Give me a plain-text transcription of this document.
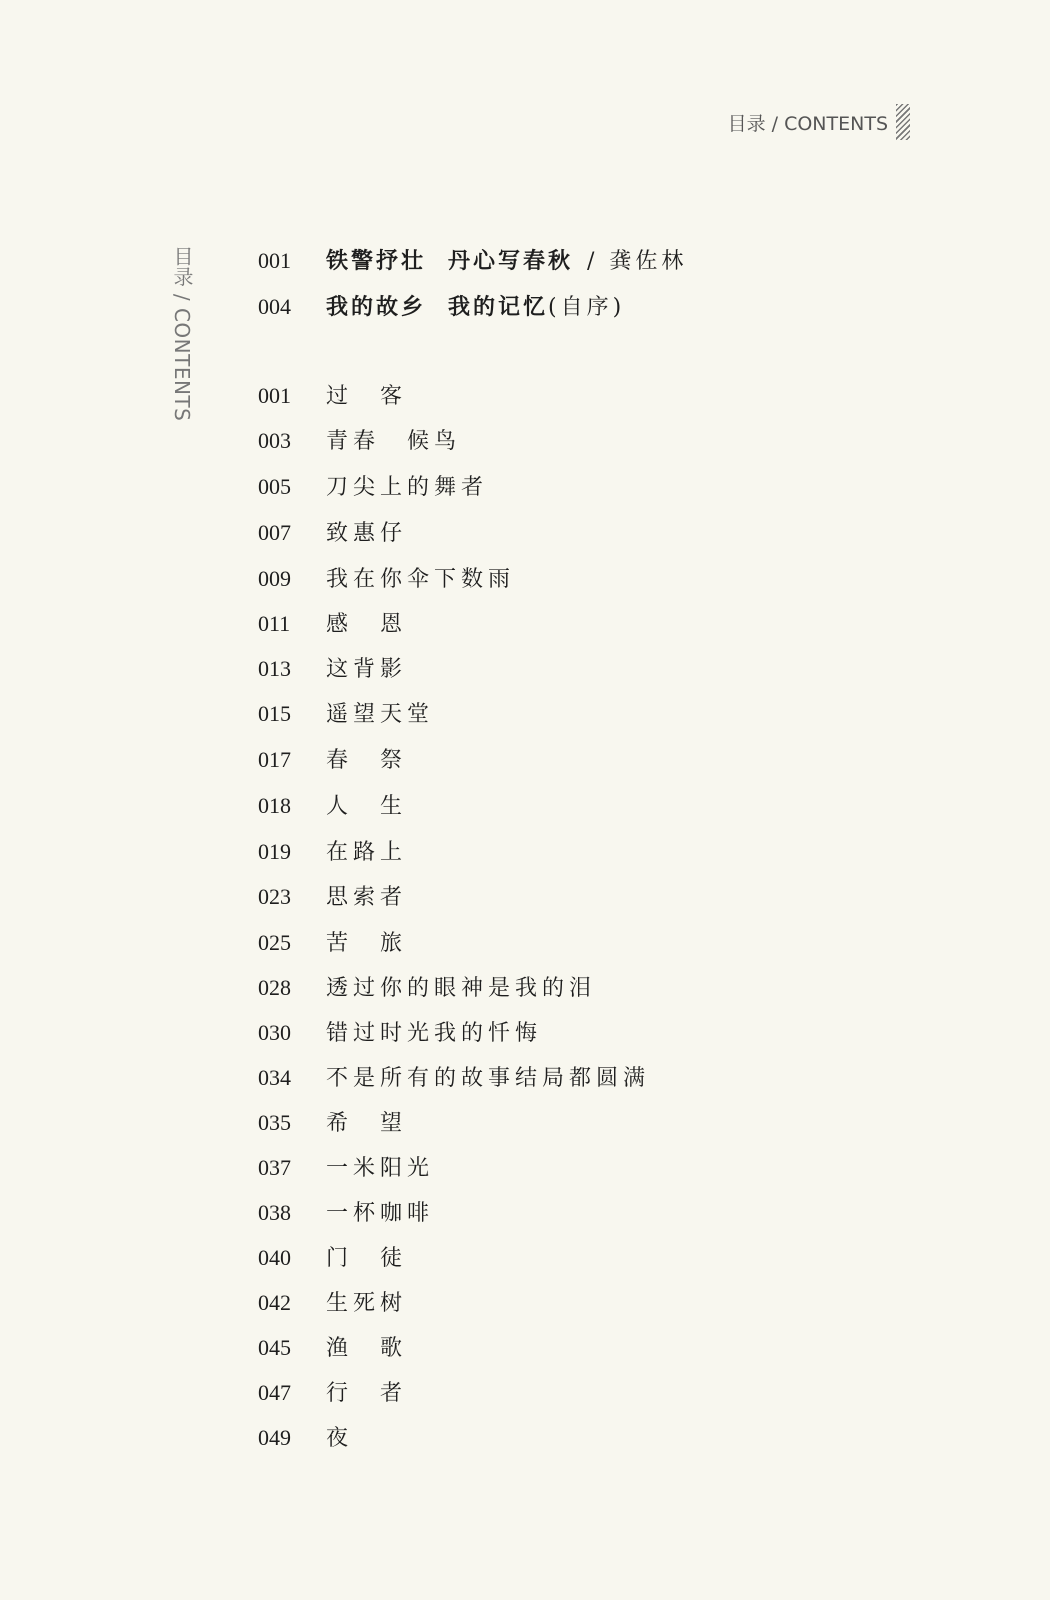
目录 / CONTENTS
目录 / CONTENTS	001	铁警抒壮 丹心写春秋 / 龚佐林
004	我的故乡 我的记忆 (自序)
001	过　客
003	青春　候鸟
005	刀尖上的舞者
007	致惠仔
009	我在你伞下数雨
011	感　恩
013	这背影
015	遥望天堂
017	春　祭
018	人　生
019	在路上
023	思索者
025	苦　旅
028	透过你的眼神是我的泪
030	错过时光我的忏悔
034	不是所有的故事结局都圆满
035	希　望
037	一米阳光
038	一杯咖啡
040	门　徒
042	生死树
045	渔　歌
047	行　者
049	夜
